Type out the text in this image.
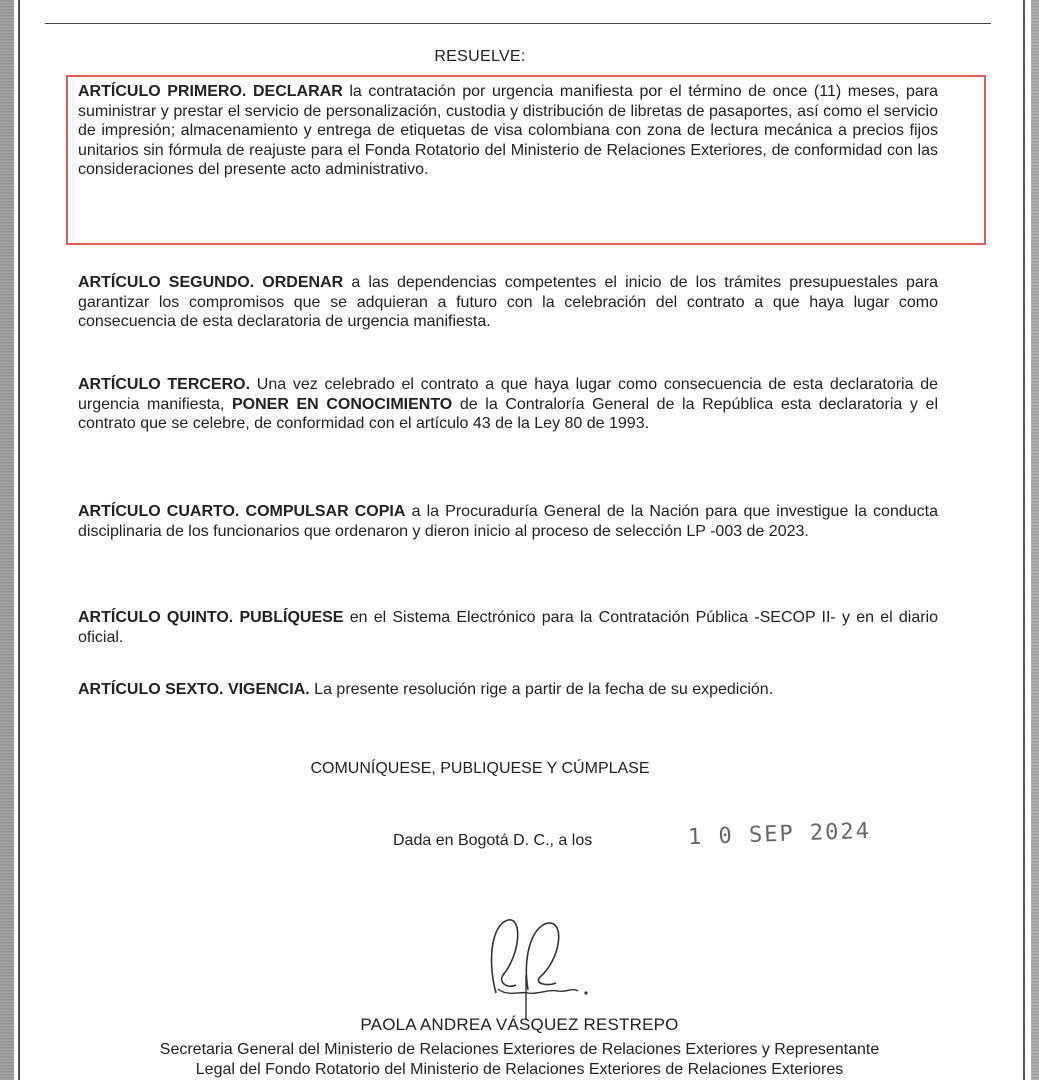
RESUELVE:

ARTÍCULO PRIMERO. DECLARAR la contratación por urgencia manifiesta por el término de once (11) meses, para suministrar y prestar el servicio de personalización, custodia y distribución de libretas de pasaportes, así como el servicio de impresión; almacenamiento y entrega de etiquetas de visa colombiana con zona de lectura mecánica a precios fijos unitarios sin fórmula de reajuste para el Fonda Rotatorio del Ministerio de Relaciones Exteriores, de conformidad con las consideraciones del presente acto administrativo.

ARTÍCULO SEGUNDO. ORDENAR a las dependencias competentes el inicio de los trámites presupuestales para garantizar los compromisos que se adquieran a futuro con la celebración del contrato a que haya lugar como consecuencia de esta declaratoria de urgencia manifiesta.

ARTÍCULO TERCERO. Una vez celebrado el contrato a que haya lugar como consecuencia de esta declaratoria de urgencia manifiesta, PONER EN CONOCIMIENTO de la Contraloría General de la República esta declaratoria y el contrato que se celebre, de conformidad con el artículo 43 de la Ley 80 de 1993.

ARTÍCULO CUARTO. COMPULSAR COPIA a la Procuraduría General de la Nación para que investigue la conducta disciplinaria de los funcionarios que ordenaron y dieron inicio al proceso de selección LP -003 de 2023.

ARTÍCULO QUINTO. PUBLÍQUESE en el Sistema Electrónico para la Contratación Pública -SECOP II- y en el diario oficial.

ARTÍCULO SEXTO. VIGENCIA. La presente resolución rige a partir de la fecha de su expedición.

COMUNÍQUESE, PUBLIQUESE Y CÚMPLASE
Dada en Bogotá D. C., a los	1 0 SEP 2024
PAOLA ANDREA VÁSQUEZ RESTREPO
Secretaria General del Ministerio de Relaciones Exteriores de Relaciones Exteriores y Representante
Legal del Fondo Rotatorio del Ministerio de Relaciones Exteriores de Relaciones Exteriores
